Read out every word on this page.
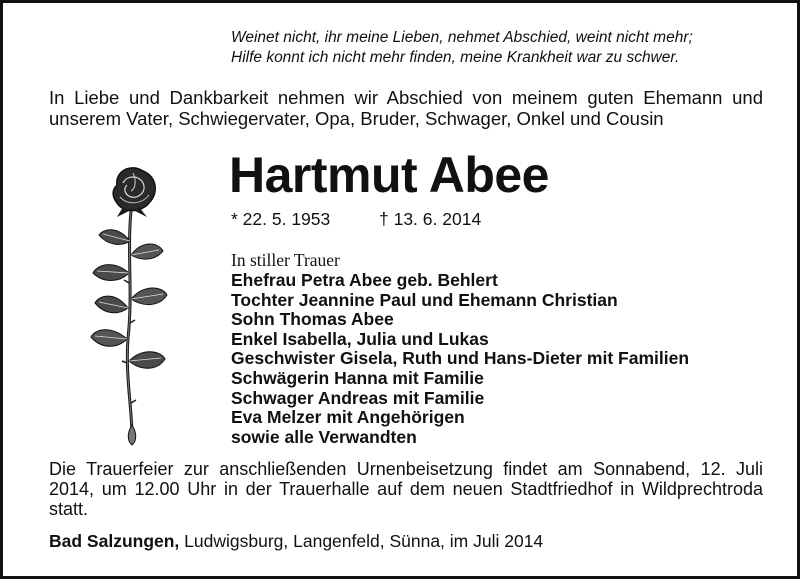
Weinet nicht, ihr meine Lieben, nehmet Abschied, weint nicht mehr;
Hilfe konnt ich nicht mehr finden, meine Krankheit war zu schwer.
In Liebe und Dankbarkeit nehmen wir Abschied von meinem guten Ehemann und unserem Vater, Schwiegervater, Opa, Bruder, Schwager, Onkel und Cousin
Hartmut Abee
* 22. 5. 1953	† 13. 6. 2014
In stiller Trauer
Ehefrau Petra Abee geb. Behlert
Tochter Jeannine Paul und Ehemann Christian
Sohn Thomas Abee
Enkel Isabella, Julia und Lukas
Geschwister Gisela, Ruth und Hans-Dieter mit Familien
Schwägerin Hanna mit Familie
Schwager Andreas mit Familie
Eva Melzer mit Angehörigen
sowie alle Verwandten
Die Trauerfeier zur anschließenden Urnenbeisetzung findet am Sonnabend, 12. Juli 2014, um 12.00 Uhr in der Trauerhalle auf dem neuen Stadtfriedhof in Wildprechtroda statt.
Bad Salzungen, Ludwigsburg, Langenfeld, Sünna, im Juli 2014
